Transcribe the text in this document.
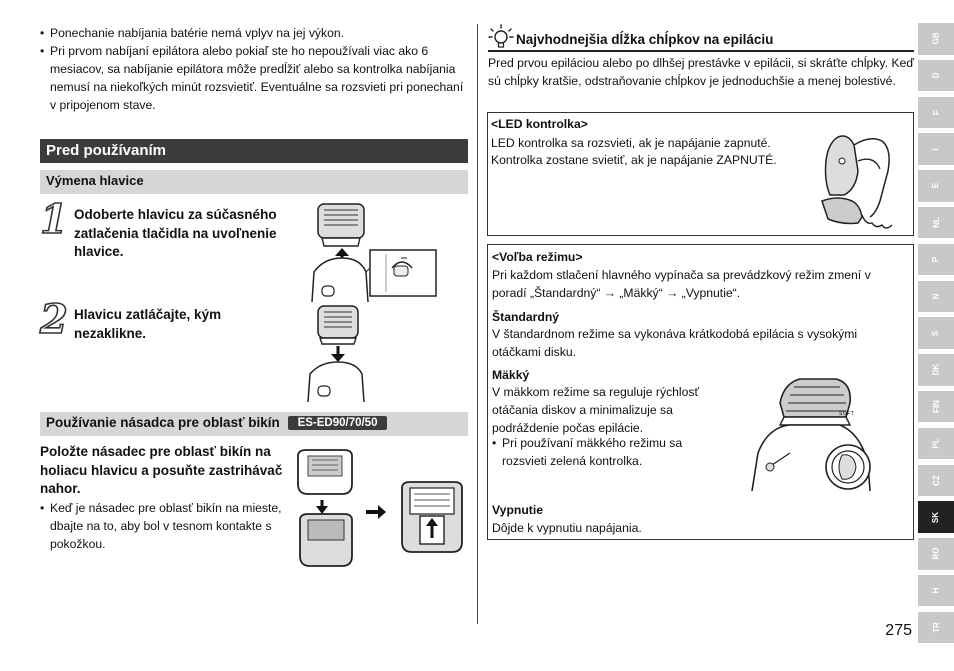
• Ponechanie nabíjania batérie nemá vplyv na jej výkon.
• Pri prvom nabíjaní epilátora alebo pokiaľ ste ho nepoužívali viac ako 6 mesiacov, sa nabíjanie epilátora môže predĺžiť alebo sa kontrolka nabíjania nemusí na niekoľkých minút rozsvietiť. Eventuálne sa rozsvieti pri ponechaní v pripojenom stave.
Pred používaním
Výmena hlavice
1 Odoberte hlavicu za súčasného zatlačenia tlačidla na uvoľnenie hlavice.
2 Hlavicu zatláčajte, kým nezaklikne.
Používanie násadca pre oblasť bikín ES-ED90/70/50
Položte násadec pre oblasť bikín na holiacu hlavicu a posuňte zastrihávač nahor.
• Keď je násadec pre oblasť bikín na mieste, dbajte na to, aby bol v tesnom kontakte s pokožkou.
Najvhodnejšia dĺžka chĺpkov na epiláciu
Pred prvou epiláciou alebo po dlhšej prestávke v epilácii, si skráťte chĺpky. Keď sú chĺpky kratšie, odstraňovanie chĺpkov je jednoduchšie a menej bolestivé.
<LED kontrolka>
LED kontrolka sa rozsvieti, ak je napájanie zapnuté.
Kontrolka zostane svietiť, ak je napájanie ZAPNUTÉ.
<Voľba režimu>
Pri každom stlačení hlavného vypínača sa prevádzkový režim zmení v poradí „Štandardný“ → „Mäkký“ → „Vypnutie“.
Štandardný
V štandardnom režime sa vykonáva krátkodobá epilácia s vysokými otáčkami disku.
Mäkký
V mäkkom režime sa reguluje rýchlosť otáčania diskov a minimalizuje sa podráždenie počas epilácie.
• Pri používaní mäkkého režimu sa rozsvieti zelená kontrolka.
SOFT
Vypnutie
Dôjde k vypnutiu napájania.
275
GB
D
F
I
E
NL
P
N
S
DK
FIN
PL
CZ
SK
RO
H
TR
